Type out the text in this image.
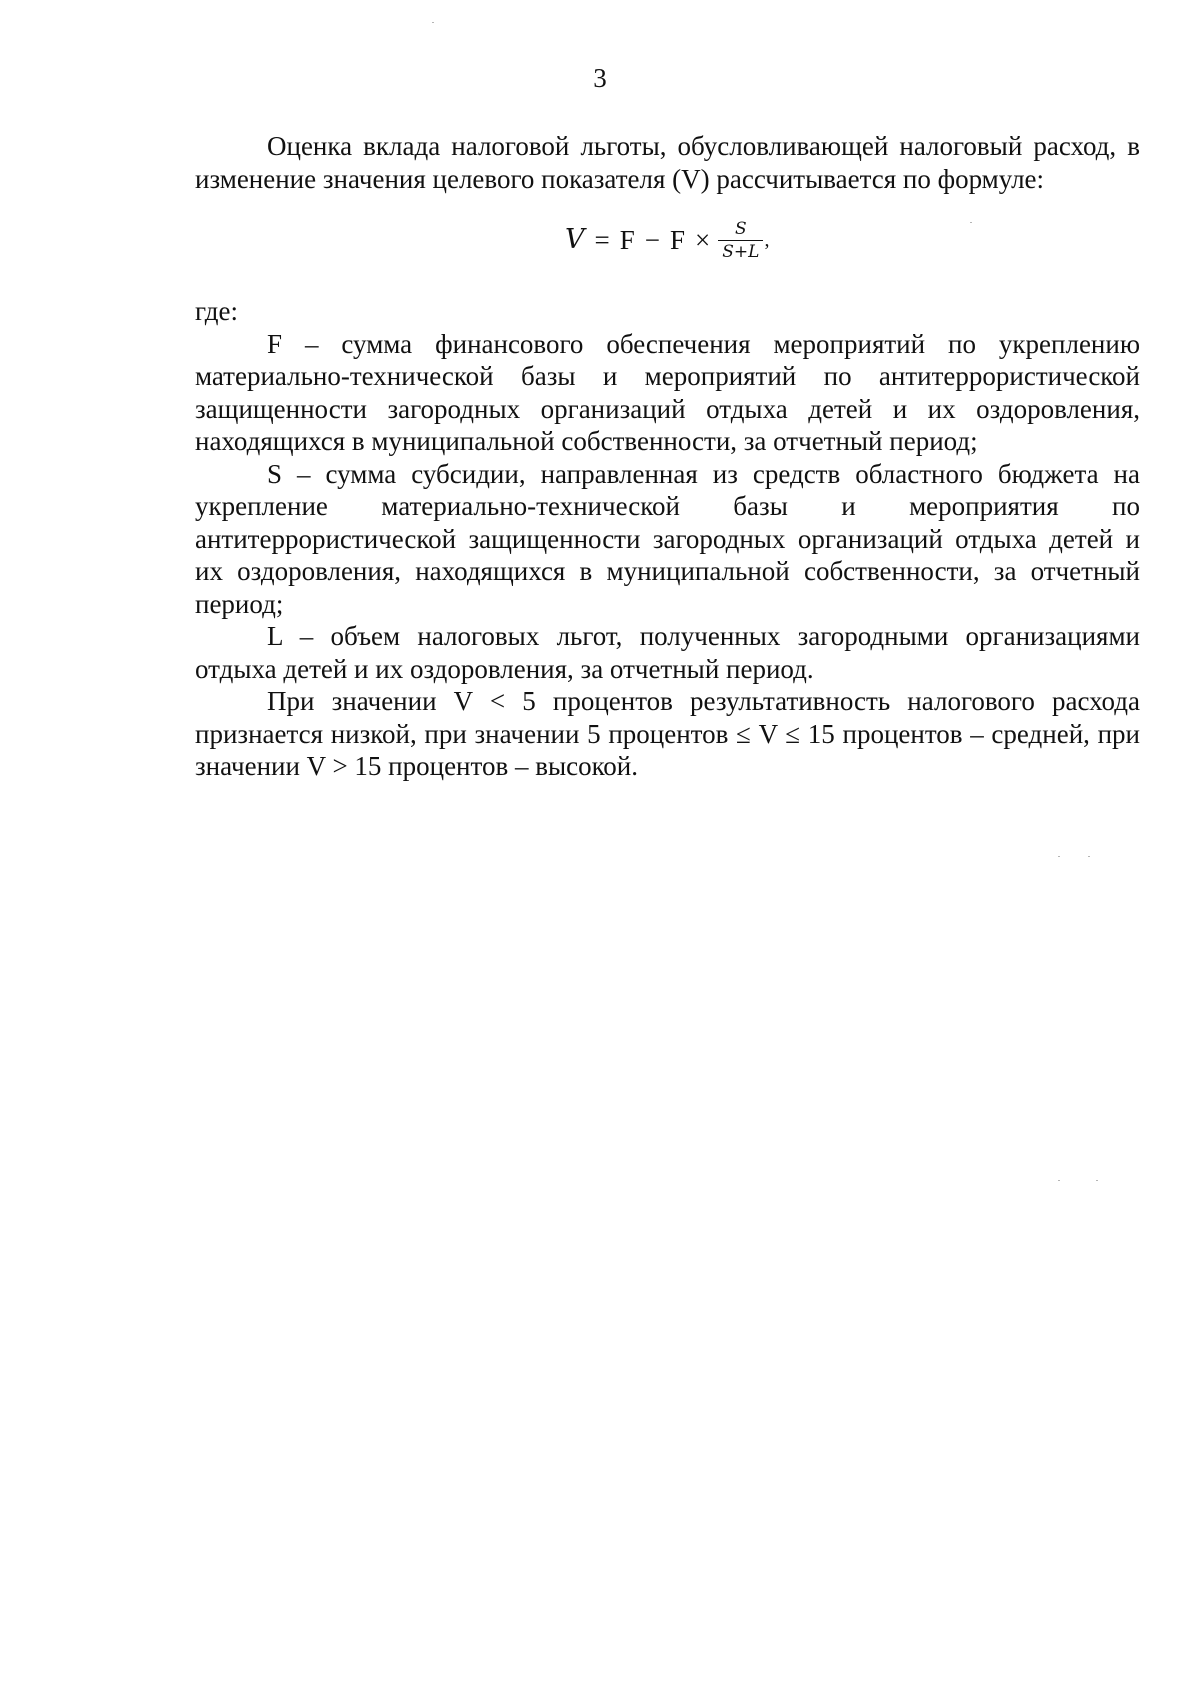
3

Оценка вклада налоговой льготы, обусловливающей налоговый расход, в изменение значения целевого показателя (V) рассчитывается по формуле:

$V = F - F \times \frac{S}{S+L}$ ,

где:

F – сумма финансового обеспечения мероприятий по укреплению материально-технической базы и мероприятий по антитеррористической защищенности загородных организаций отдыха детей и их оздоровления, находящихся в муниципальной собственности, за отчетный период;

S – сумма субсидии, направленная из средств областного бюджета на укрепление материально-технической базы и мероприятия по антитеррористической защищенности загородных организаций отдыха детей и их оздоровления, находящихся в муниципальной собственности, за отчетный период;

L – объем налоговых льгот, полученных загородными организациями отдыха детей и их оздоровления, за отчетный период.

При значении V < 5 процентов результативность налогового расхода признается низкой, при значении 5 процентов ≤ V ≤ 15 процентов – средней, при значении V > 15 процентов – высокой.
